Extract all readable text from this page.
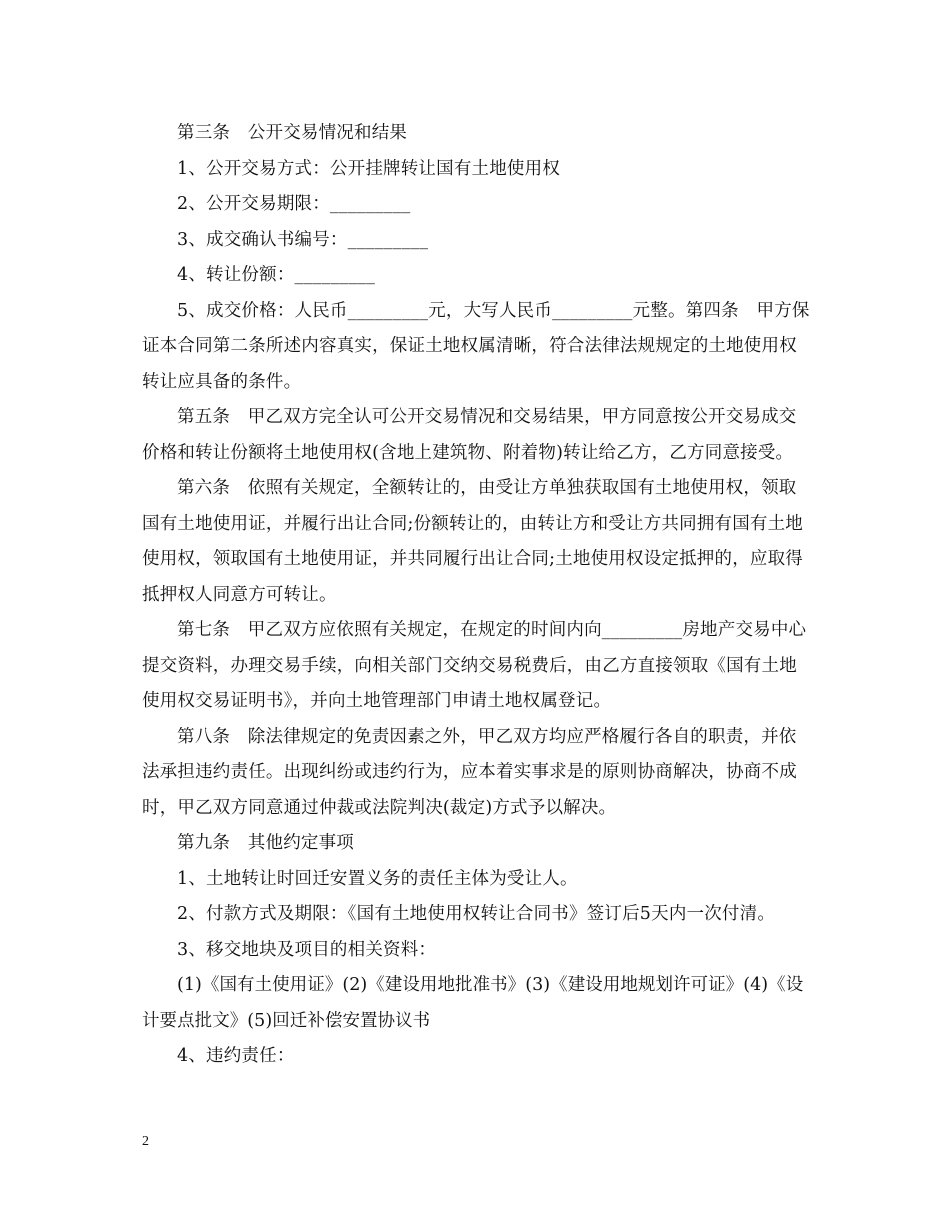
第三条　公开交易情况和结果

1、公开交易方式：公开挂牌转让国有土地使用权

2、公开交易期限：_________

3、成交确认书编号：_________

4、转让份额：_________

5、成交价格：人民币_________元，大写人民币_________元整。第四条　甲方保证本合同第二条所述内容真实，保证土地权属清晰，符合法律法规规定的土地使用权转让应具备的条件。

第五条　甲乙双方完全认可公开交易情况和交易结果，甲方同意按公开交易成交价格和转让份额将土地使用权(含地上建筑物、附着物)转让给乙方，乙方同意接受。

第六条　依照有关规定，全额转让的，由受让方单独获取国有土地使用权，领取国有土地使用证，并履行出让合同;份额转让的，由转让方和受让方共同拥有国有土地使用权，领取国有土地使用证，并共同履行出让合同;土地使用权设定抵押的，应取得抵押权人同意方可转让。

第七条　甲乙双方应依照有关规定，在规定的时间内向_________房地产交易中心提交资料，办理交易手续，向相关部门交纳交易税费后，由乙方直接领取《国有土地使用权交易证明书》，并向土地管理部门申请土地权属登记。

第八条　除法律规定的免责因素之外，甲乙双方均应严格履行各自的职责，并依法承担违约责任。出现纠纷或违约行为，应本着实事求是的原则协商解决，协商不成时，甲乙双方同意通过仲裁或法院判决(裁定)方式予以解决。

第九条　其他约定事项

1、土地转让时回迁安置义务的责任主体为受让人。

2、付款方式及期限：《国有土地使用权转让合同书》签订后5天内一次付清。

3、移交地块及项目的相关资料：

(1)《国有土使用证》(2)《建设用地批准书》(3)《建设用地规划许可证》(4)《设计要点批文》(5)回迁补偿安置协议书

4、违约责任：

2
